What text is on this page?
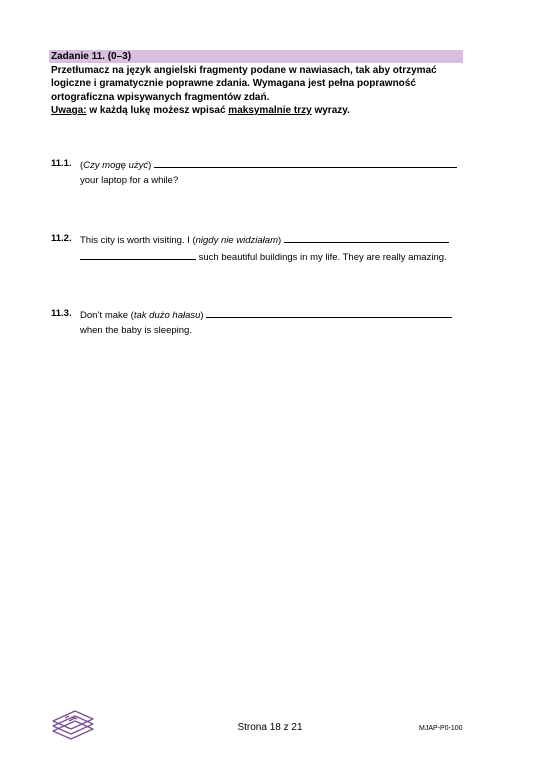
Zadanie 11. (0–3)
Przetłumacz na język angielski fragmenty podane w nawiasach, tak aby otrzymać
logiczne i gramatycznie poprawne zdania. Wymagana jest pełna poprawność
ortograficzna wpisywanych fragmentów zdań.
Uwaga: w każdą lukę możesz wpisać maksymalnie trzy wyrazy.
11.1. (Czy mogę użyć)
your laptop for a while?
11.2. This city is worth visiting. I (nigdy nie widziałam)
such beautiful buildings in my life. They are really amazing.
11.3. Don’t make (tak dużo hałasu)
when the baby is sleeping.
Strona 18 z 21	MJAP-P0-100
